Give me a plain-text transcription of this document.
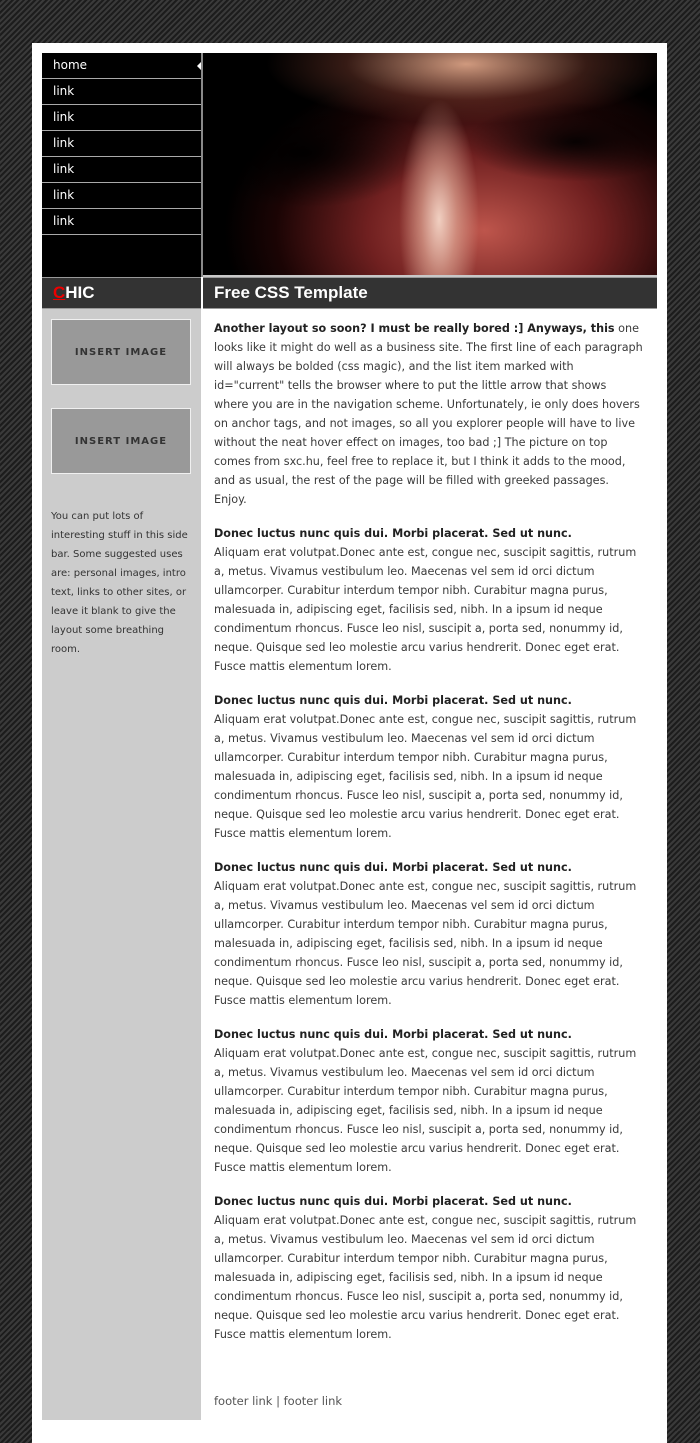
home
link
link
link
link
link
link
CHIC	Free CSS Template
INSERT IMAGE
INSERT IMAGE

You can put lots of interesting stuff in this side bar. Some suggested uses are: personal images, intro text, links to other sites, or leave it blank to give the layout some breathing room.

Another layout so soon? I must be really bored :] Anyways, this one looks like it might do well as a business site. The first line of each paragraph will always be bolded (css magic), and the list item marked with id="current" tells the browser where to put the little arrow that shows where you are in the navigation scheme. Unfortunately, ie only does hovers on anchor tags, and not images, so all you explorer people will have to live without the neat hover effect on images, too bad ;] The picture on top comes from sxc.hu, feel free to replace it, but I think it adds to the mood, and as usual, the rest of the page will be filled with greeked passages. Enjoy.

Donec luctus nunc quis dui. Morbi placerat. Sed ut nunc.
Aliquam erat volutpat.Donec ante est, congue nec, suscipit sagittis, rutrum a, metus. Vivamus vestibulum leo. Maecenas vel sem id orci dictum ullamcorper. Curabitur interdum tempor nibh. Curabitur magna purus, malesuada in, adipiscing eget, facilisis sed, nibh. In a ipsum id neque condimentum rhoncus. Fusce leo nisl, suscipit a, porta sed, nonummy id, neque. Quisque sed leo molestie arcu varius hendrerit. Donec eget erat. Fusce mattis elementum lorem.

Donec luctus nunc quis dui. Morbi placerat. Sed ut nunc.
Aliquam erat volutpat.Donec ante est, congue nec, suscipit sagittis, rutrum a, metus. Vivamus vestibulum leo. Maecenas vel sem id orci dictum ullamcorper. Curabitur interdum tempor nibh. Curabitur magna purus, malesuada in, adipiscing eget, facilisis sed, nibh. In a ipsum id neque condimentum rhoncus. Fusce leo nisl, suscipit a, porta sed, nonummy id, neque. Quisque sed leo molestie arcu varius hendrerit. Donec eget erat. Fusce mattis elementum lorem.

Donec luctus nunc quis dui. Morbi placerat. Sed ut nunc.
Aliquam erat volutpat.Donec ante est, congue nec, suscipit sagittis, rutrum a, metus. Vivamus vestibulum leo. Maecenas vel sem id orci dictum ullamcorper. Curabitur interdum tempor nibh. Curabitur magna purus, malesuada in, adipiscing eget, facilisis sed, nibh. In a ipsum id neque condimentum rhoncus. Fusce leo nisl, suscipit a, porta sed, nonummy id, neque. Quisque sed leo molestie arcu varius hendrerit. Donec eget erat. Fusce mattis elementum lorem.

Donec luctus nunc quis dui. Morbi placerat. Sed ut nunc.
Aliquam erat volutpat.Donec ante est, congue nec, suscipit sagittis, rutrum a, metus. Vivamus vestibulum leo. Maecenas vel sem id orci dictum ullamcorper. Curabitur interdum tempor nibh. Curabitur magna purus, malesuada in, adipiscing eget, facilisis sed, nibh. In a ipsum id neque condimentum rhoncus. Fusce leo nisl, suscipit a, porta sed, nonummy id, neque. Quisque sed leo molestie arcu varius hendrerit. Donec eget erat. Fusce mattis elementum lorem.

Donec luctus nunc quis dui. Morbi placerat. Sed ut nunc.
Aliquam erat volutpat.Donec ante est, congue nec, suscipit sagittis, rutrum a, metus. Vivamus vestibulum leo. Maecenas vel sem id orci dictum ullamcorper. Curabitur interdum tempor nibh. Curabitur magna purus, malesuada in, adipiscing eget, facilisis sed, nibh. In a ipsum id neque condimentum rhoncus. Fusce leo nisl, suscipit a, porta sed, nonummy id, neque. Quisque sed leo molestie arcu varius hendrerit. Donec eget erat. Fusce mattis elementum lorem.

footer link | footer link
